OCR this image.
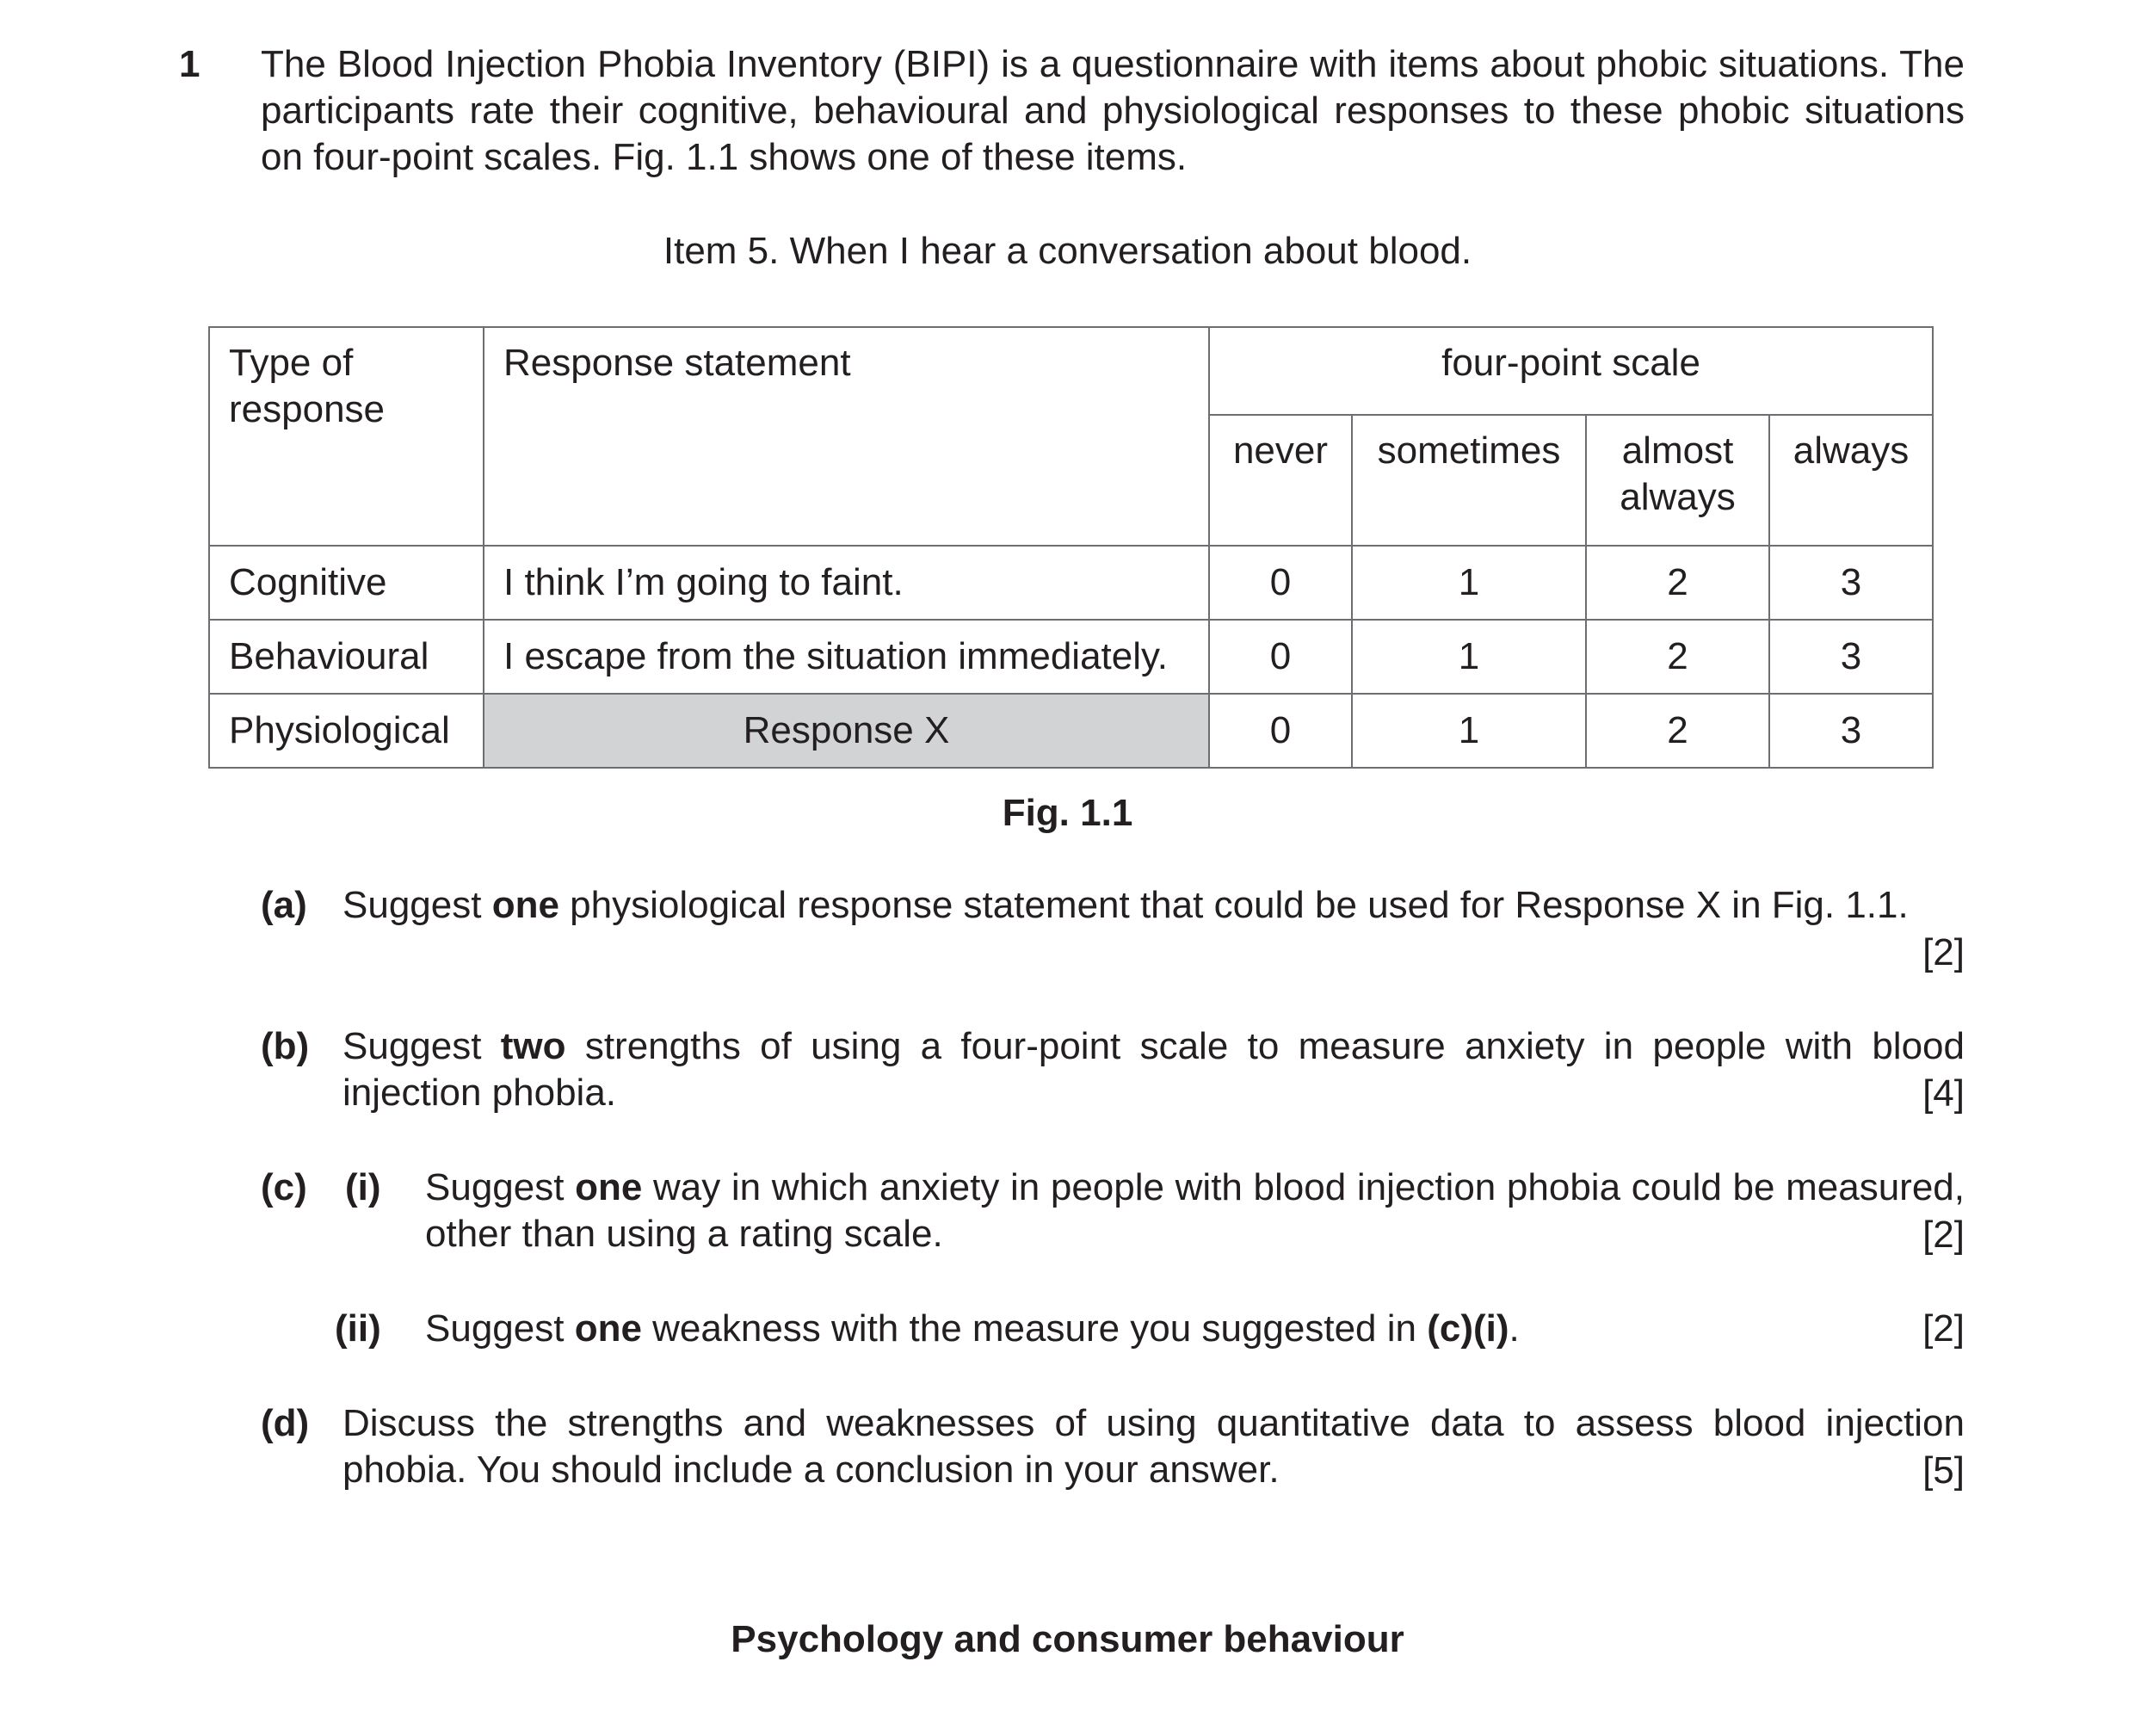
1 The Blood Injection Phobia Inventory (BIPI) is a questionnaire with items about phobic situations. The participants rate their cognitive, behavioural and physiological responses to these phobic situations on four-point scales. Fig. 1.1 shows one of these items.
Item 5. When I hear a conversation about blood.
Type of response	Response statement	four-point scale			
		never	sometimes	almost always	always
Cognitive	I think I’m going to faint.	0	1	2	3
Behavioural	I escape from the situation immediately.	0	1	2	3
Physiological	Response X	0	1	2	3
Fig. 1.1
(a) Suggest one physiological response statement that could be used for Response X in Fig. 1.1.
[2]
(b) Suggest two strengths of using a four-point scale to measure anxiety in people with blood injection phobia.	[4]
(c) (i) Suggest one way in which anxiety in people with blood injection phobia could be measured, other than using a rating scale.	[2]
(ii) Suggest one weakness with the measure you suggested in (c)(i).	[2]
(d) Discuss the strengths and weaknesses of using quantitative data to assess blood injection phobia. You should include a conclusion in your answer.	[5]
Psychology and consumer behaviour
